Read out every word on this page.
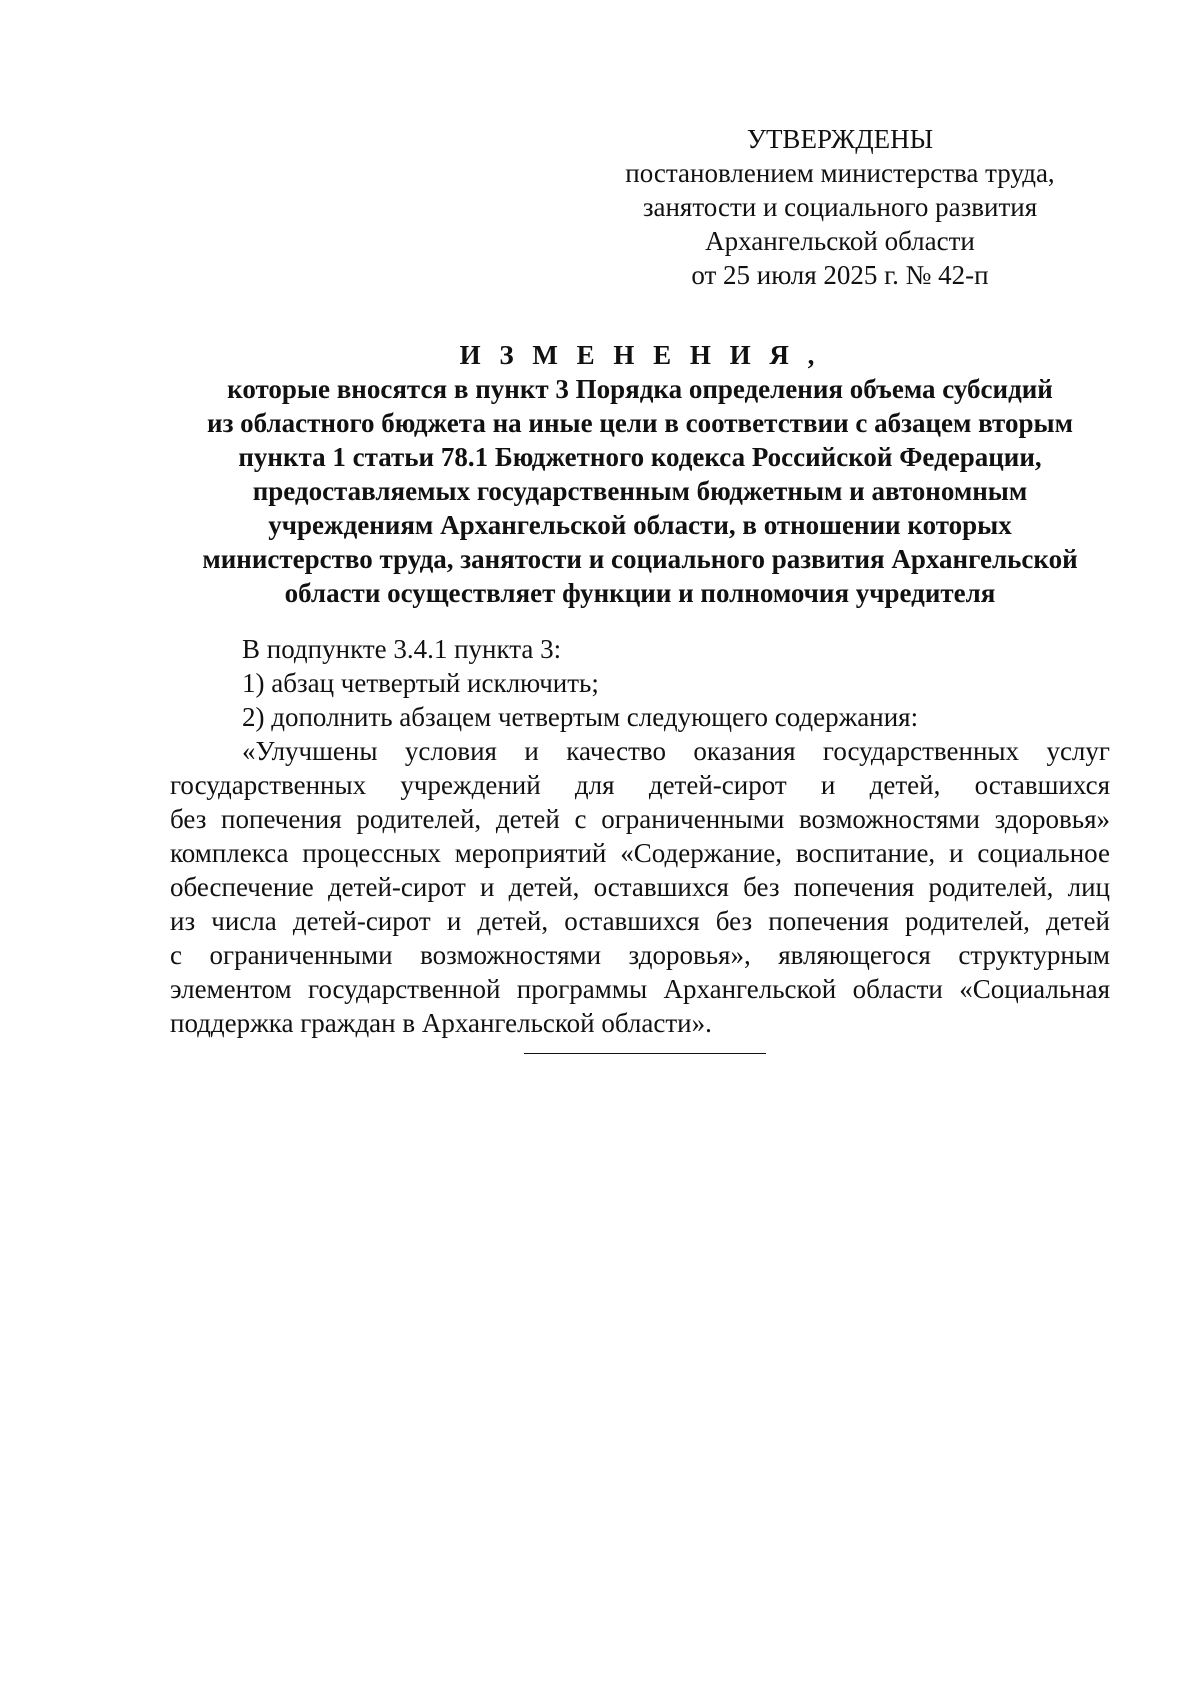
УТВЕРЖДЕНЫ
постановлением министерства труда,
занятости и социального развития
Архангельской области
от 25 июля 2025 г. № 42-п
И З М Е Н Е Н И Я ,
которые вносятся в пункт 3 Порядка определения объема субсидий
из областного бюджета на иные цели в соответствии с абзацем вторым
пункта 1 статьи 78.1 Бюджетного кодекса Российской Федерации,
предоставляемых государственным бюджетным и автономным
учреждениям Архангельской области, в отношении которых
министерство труда, занятости и социального развития Архангельской
области осуществляет функции и полномочия учредителя
В подпункте 3.4.1 пункта 3:
1) абзац четвертый исключить;
2) дополнить абзацем четвертым следующего содержания:
«Улучшены условия и качество оказания государственных услуг
государственных учреждений для детей-сирот и детей, оставшихся
без попечения родителей, детей с ограниченными возможностями здоровья»
комплекса процессных мероприятий «Содержание, воспитание, и социальное
обеспечение детей-сирот и детей, оставшихся без попечения родителей, лиц
из числа детей-сирот и детей, оставшихся без попечения родителей, детей
с ограниченными возможностями здоровья», являющегося структурным
элементом государственной программы Архангельской области «Социальная
поддержка граждан в Архангельской области».
